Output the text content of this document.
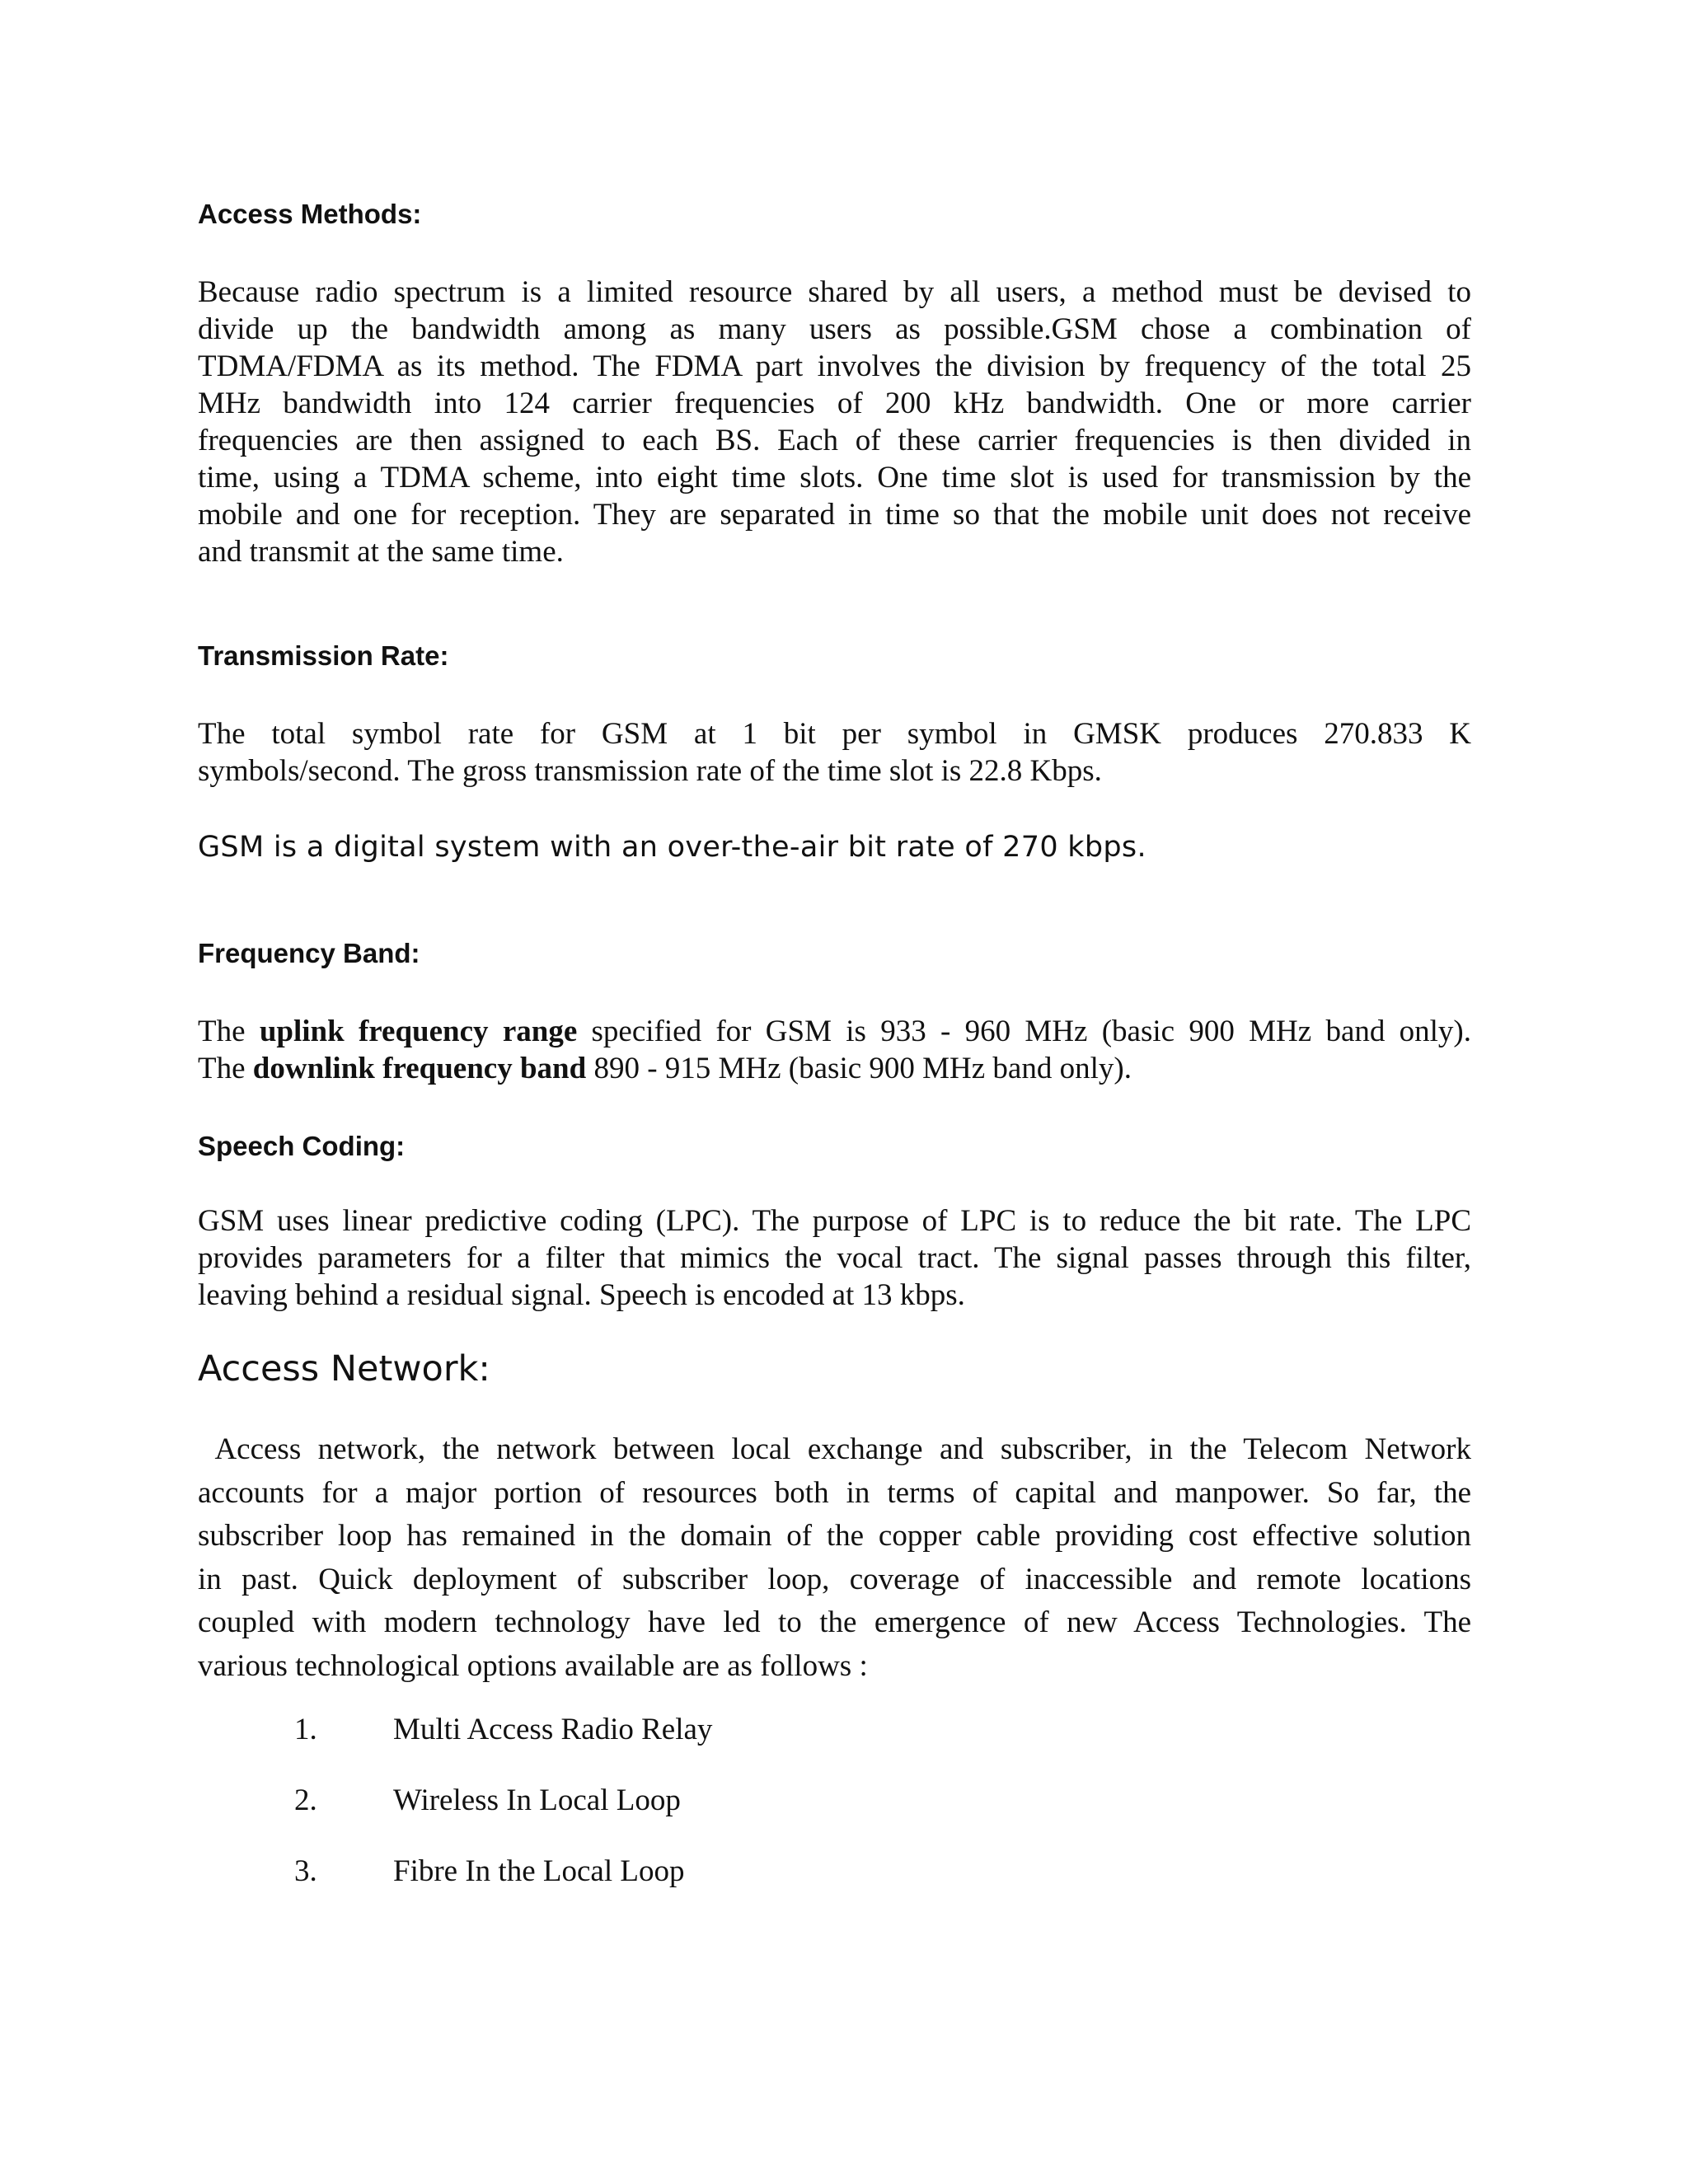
Access Methods:
Because radio spectrum is a limited resource shared by all users, a method must be devised to
divide up the bandwidth among as many users as possible.GSM chose a combination of
TDMA/FDMA as its method. The FDMA part involves the division by frequency of the total 25
MHz bandwidth into 124 carrier frequencies of 200 kHz bandwidth. One or more carrier
frequencies are then assigned to each BS. Each of these carrier frequencies is then divided in
time, using a TDMA scheme, into eight time slots. One time slot is used for transmission by the
mobile and one for reception. They are separated in time so that the mobile unit does not receive
and transmit at the same time.
Transmission Rate:
The total symbol rate for GSM at 1 bit per symbol in GMSK produces 270.833 K
symbols/second. The gross transmission rate of the time slot is 22.8 Kbps.

GSM is a digital system with an over-the-air bit rate of 270 kbps.

Frequency Band:
The uplink frequency range specified for GSM is 933 - 960 MHz (basic 900 MHz band only).
The downlink frequency band 890 - 915 MHz (basic 900 MHz band only).
Speech Coding:
GSM uses linear predictive coding (LPC). The purpose of LPC is to reduce the bit rate. The LPC
provides parameters for a filter that mimics the vocal tract. The signal passes through this filter,
leaving behind a residual signal. Speech is encoded at 13 kbps.
Access Network:
Access network, the network between local exchange and subscriber, in the Telecom Network
accounts for a major portion of resources both in terms of capital and manpower. So far, the
subscriber loop has remained in the domain of the copper cable providing cost effective solution
in past. Quick deployment of subscriber loop, coverage of inaccessible and remote locations
coupled with modern technology have led to the emergence of new Access Technologies. The
various technological options available are as follows :
1. Multi Access Radio Relay
2. Wireless In Local Loop
3. Fibre In the Local Loop
